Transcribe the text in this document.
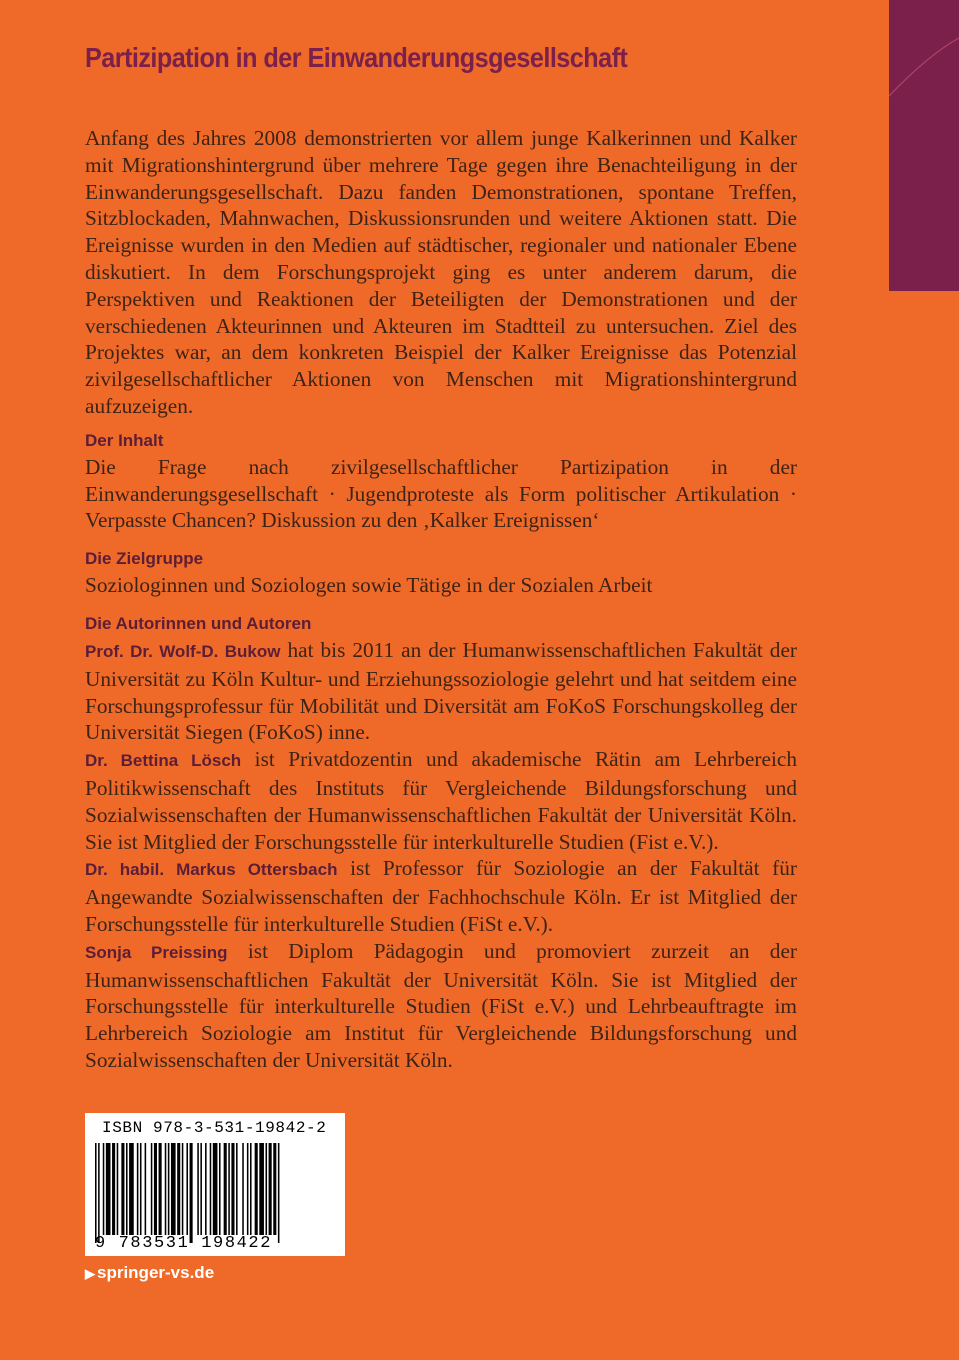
Partizipation in der Einwanderungsgesellschaft

Anfang des Jahres 2008 demonstrierten vor allem junge Kalkerinnen und Kalker mit Migrationshintergrund über mehrere Tage gegen ihre Benachteiligung in der Einwanderungsgesellschaft. Dazu fanden Demonstrationen, spontane Treffen, Sitzblockaden, Mahnwachen, Diskussionsrunden und weitere Aktionen statt. Die Ereignisse wurden in den Medien auf städtischer, regionaler und nationaler Ebene diskutiert. In dem Forschungsprojekt ging es unter anderem darum, die Perspektiven und Reaktionen der Beteiligten der Demonstrationen und der verschiedenen Akteurinnen und Akteuren im Stadtteil zu untersuchen. Ziel des Projektes war, an dem konkreten Beispiel der Kalker Ereignisse das Potenzial zivilgesellschaftlicher Aktionen von Menschen mit Migrationshintergrund aufzuzeigen.

Der Inhalt

Die Frage nach zivilgesellschaftlicher Partizipation in der Einwanderungsgesellschaft · Jugendproteste als Form politischer Artikulation · Verpasste Chancen? Diskussion zu den ‚Kalker Ereignissen‘

Die Zielgruppe

Soziologinnen und Soziologen sowie Tätige in der Sozialen Arbeit

Die Autorinnen und Autoren

Prof. Dr. Wolf-D. Bukow hat bis 2011 an der Humanwissenschaftlichen Fakultät der Universität zu Köln Kultur- und Erziehungssoziologie gelehrt und hat seitdem eine Forschungsprofessur für Mobilität und Diversität am FoKoS Forschungskolleg der Universität Siegen (FoKoS) inne.

Dr. Bettina Lösch ist Privatdozentin und akademische Rätin am Lehrbereich Politikwissenschaft des Instituts für Vergleichende Bildungsforschung und Sozialwissenschaften der Humanwissenschaftlichen Fakultät der Universität Köln. Sie ist Mitglied der Forschungsstelle für interkulturelle Studien (Fist e.V.).

Dr. habil. Markus Ottersbach ist Professor für Soziologie an der Fakultät für Angewandte Sozialwissenschaften der Fachhochschule Köln. Er ist Mitglied der Forschungsstelle für interkulturelle Studien (FiSt e.V.).

Sonja Preissing ist Diplom Pädagogin und promoviert zurzeit an der Humanwissenschaftlichen Fakultät der Universität Köln. Sie ist Mitglied der Forschungsstelle für interkulturelle Studien (FiSt e.V.) und Lehrbeauftragte im Lehrbereich Soziologie am Institut für Vergleichende Bildungsforschung und Sozialwissenschaften der Universität Köln.

ISBN 978-3-531-19842-2
9 783531 198422
▶ springer-vs.de
